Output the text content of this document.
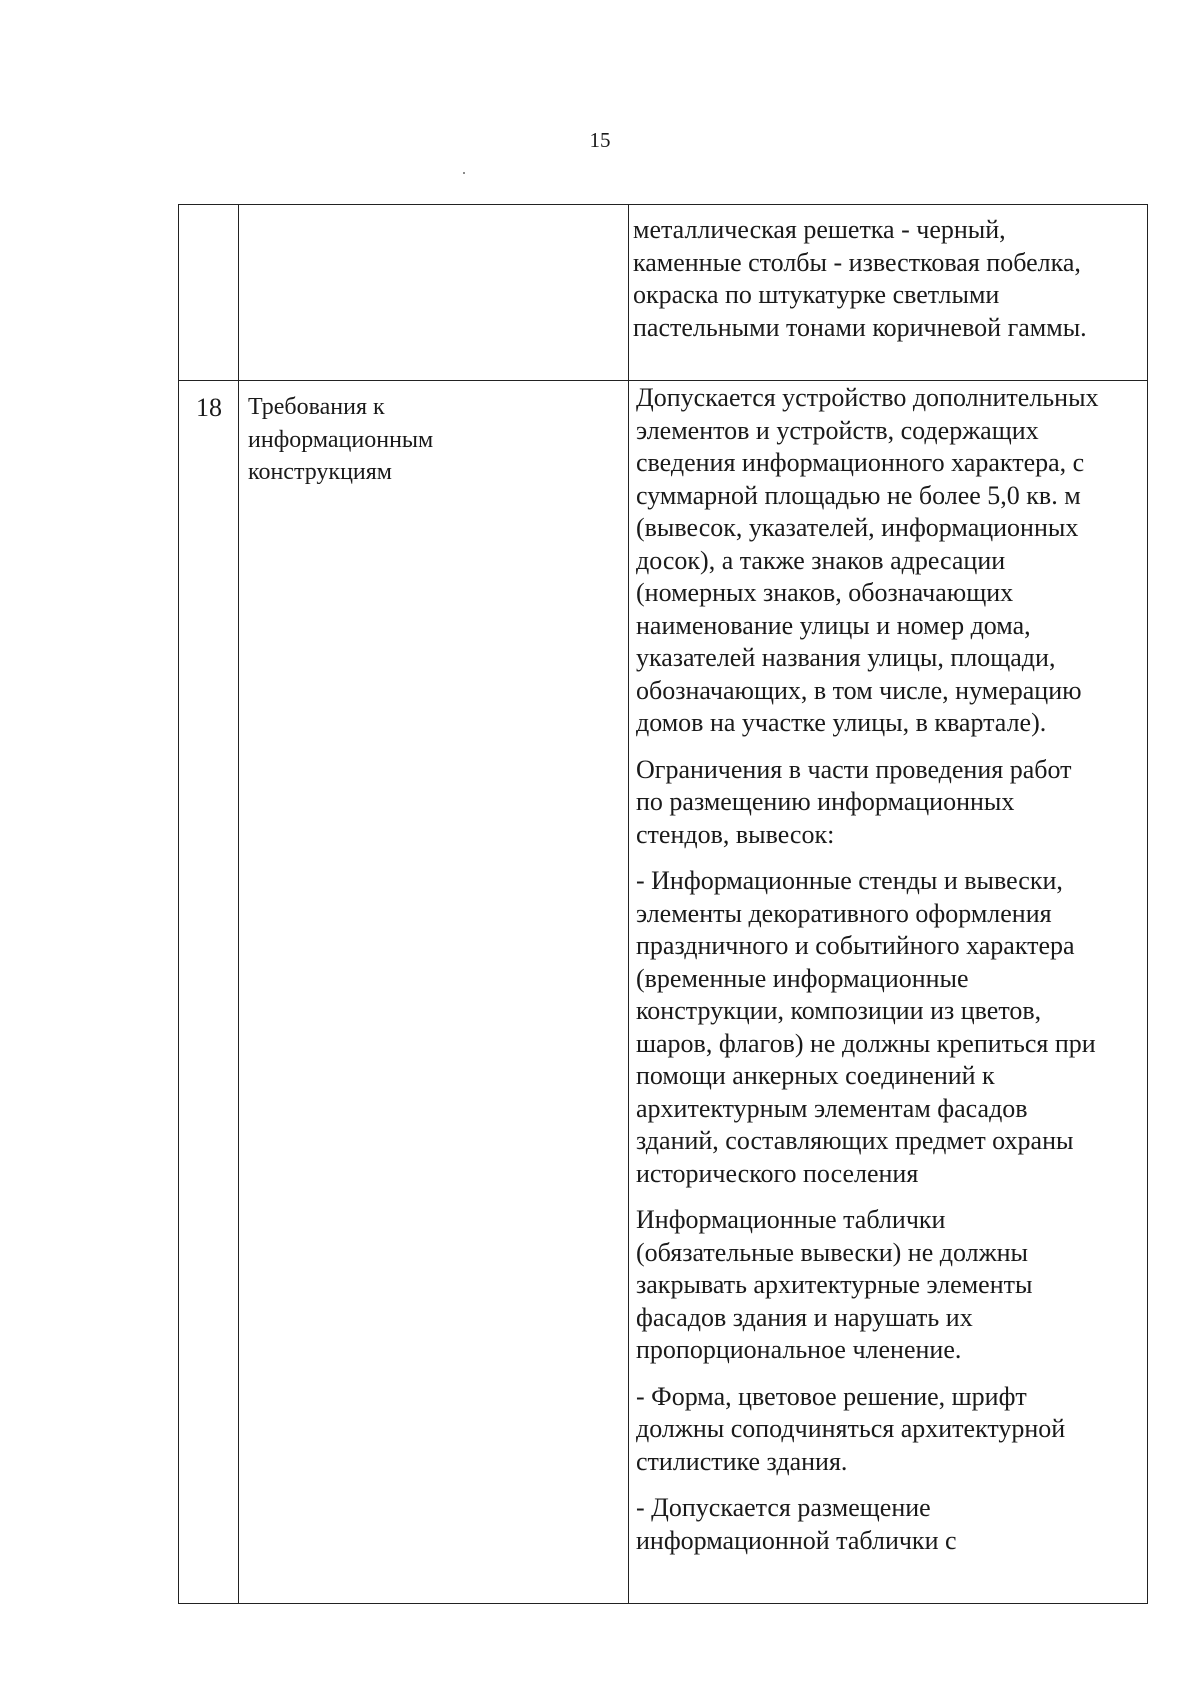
15

металлическая решетка - черный,
каменные столбы - известковая побелка,
окраска по штукатурке светлыми
пастельными тонами коричневой гаммы.

18 Требования к
информационным
конструкциям

Допускается устройство дополнительных
элементов и устройств, содержащих
сведения информационного характера, с
суммарной площадью не более 5,0 кв. м
(вывесок, указателей, информационных
досок), а также знаков адресации
(номерных знаков, обозначающих
наименование улицы и номер дома,
указателей названия улицы, площади,
обозначающих, в том числе, нумерацию
домов на участке улицы, в квартале).

Ограничения в части проведения работ
по размещению информационных
стендов, вывесок:

- Информационные стенды и вывески,
элементы декоративного оформления
праздничного и событийного характера
(временные информационные
конструкции, композиции из цветов,
шаров, флагов) не должны крепиться при
помощи анкерных соединений к
архитектурным элементам фасадов
зданий, составляющих предмет охраны
исторического поселения

Информационные таблички
(обязательные вывески) не должны
закрывать архитектурные элементы
фасадов здания и нарушать их
пропорциональное членение.

- Форма, цветовое решение, шрифт
должны соподчиняться архитектурной
стилистике здания.

- Допускается размещение
информационной таблички с
